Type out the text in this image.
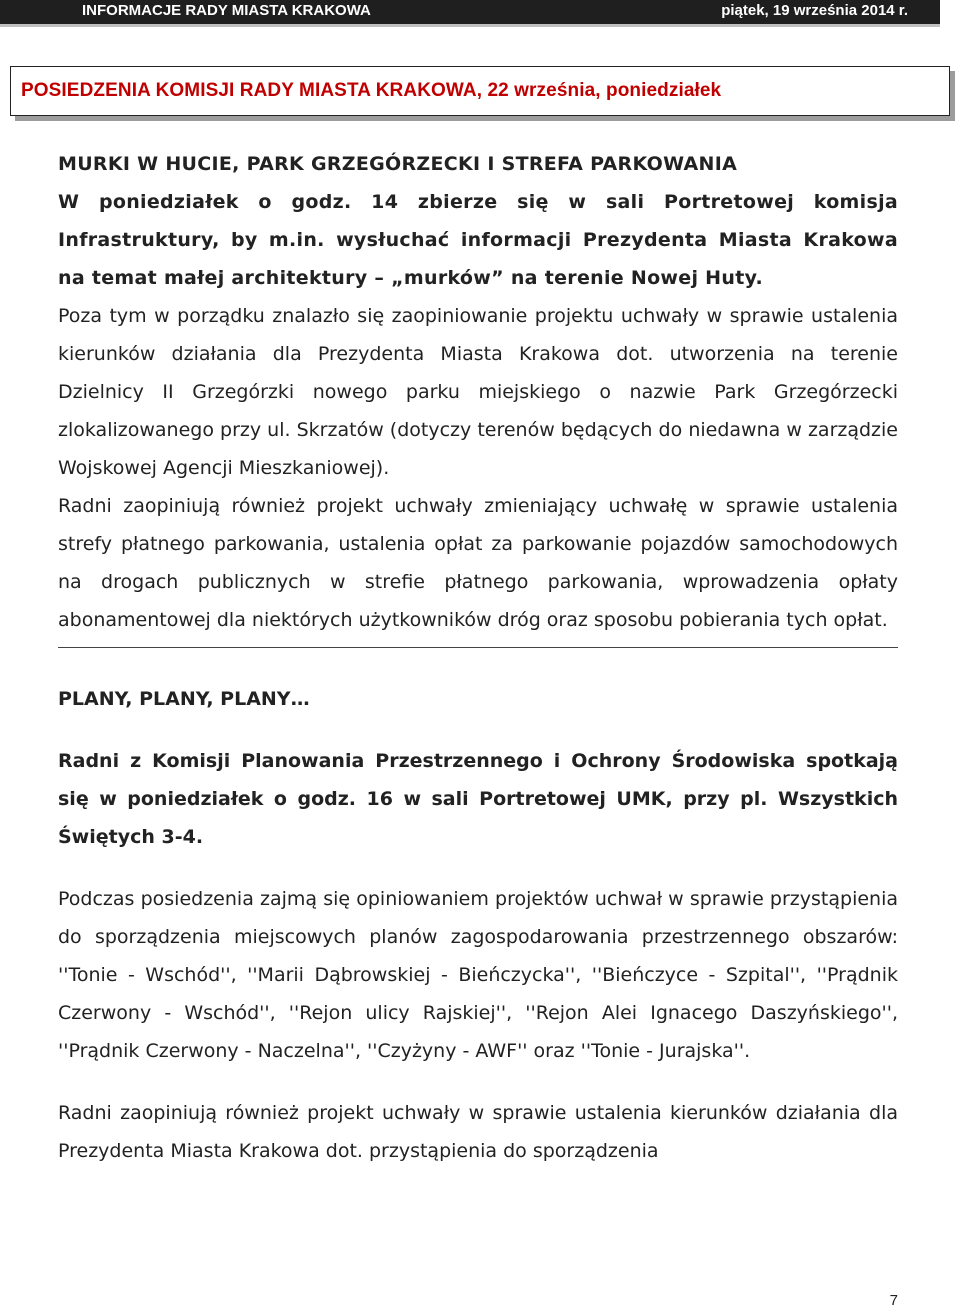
INFORMACJE RADY MIASTA KRAKOWA	piątek, 19 września 2014 r.
POSIEDZENIA KOMISJI RADY MIASTA KRAKOWA, 22 września, poniedziałek

MURKI W HUCIE, PARK GRZEGÓRZECKI I STREFA PARKOWANIA

W poniedziałek o godz. 14 zbierze się w sali Portretowej komisja Infrastruktury, by m.in. wysłuchać informacji Prezydenta Miasta Krakowa na temat małej architektury – „murków” na terenie Nowej Huty.

Poza tym w porządku znalazło się zaopiniowanie projektu uchwały w sprawie ustalenia kierunków działania dla Prezydenta Miasta Krakowa dot. utworzenia na terenie Dzielnicy II Grzegórzki nowego parku miejskiego o nazwie Park Grzegórzecki zlokalizowanego przy ul. Skrzatów (dotyczy terenów będących do niedawna w zarządzie Wojskowej Agencji Mieszkaniowej).

Radni zaopiniują również projekt uchwały zmieniający uchwałę w sprawie ustalenia strefy płatnego parkowania, ustalenia opłat za parkowanie pojazdów samochodowych na drogach publicznych w strefie płatnego parkowania, wprowadzenia opłaty abonamentowej dla niektórych użytkowników dróg oraz sposobu pobierania tych opłat.

PLANY, PLANY, PLANY…

Radni z Komisji Planowania Przestrzennego i Ochrony Środowiska spotkają się w poniedziałek o godz. 16 w sali Portretowej UMK, przy pl. Wszystkich Świętych 3-4.

Podczas posiedzenia zajmą się opiniowaniem projektów uchwał w sprawie przystąpienia do sporządzenia miejscowych planów zagospodarowania przestrzennego obszarów: ''Tonie - Wschód'', ''Marii Dąbrowskiej - Bieńczycka'', ''Bieńczyce - Szpital'', ''Prądnik Czerwony - Wschód'', ''Rejon ulicy Rajskiej'', ''Rejon Alei Ignacego Daszyńskiego'', ''Prądnik Czerwony - Naczelna'', ''Czyżyny - AWF'' oraz ''Tonie - Jurajska''.

Radni zaopiniują również projekt uchwały w sprawie ustalenia kierunków działania dla Prezydenta Miasta Krakowa dot. przystąpienia do sporządzenia

7
